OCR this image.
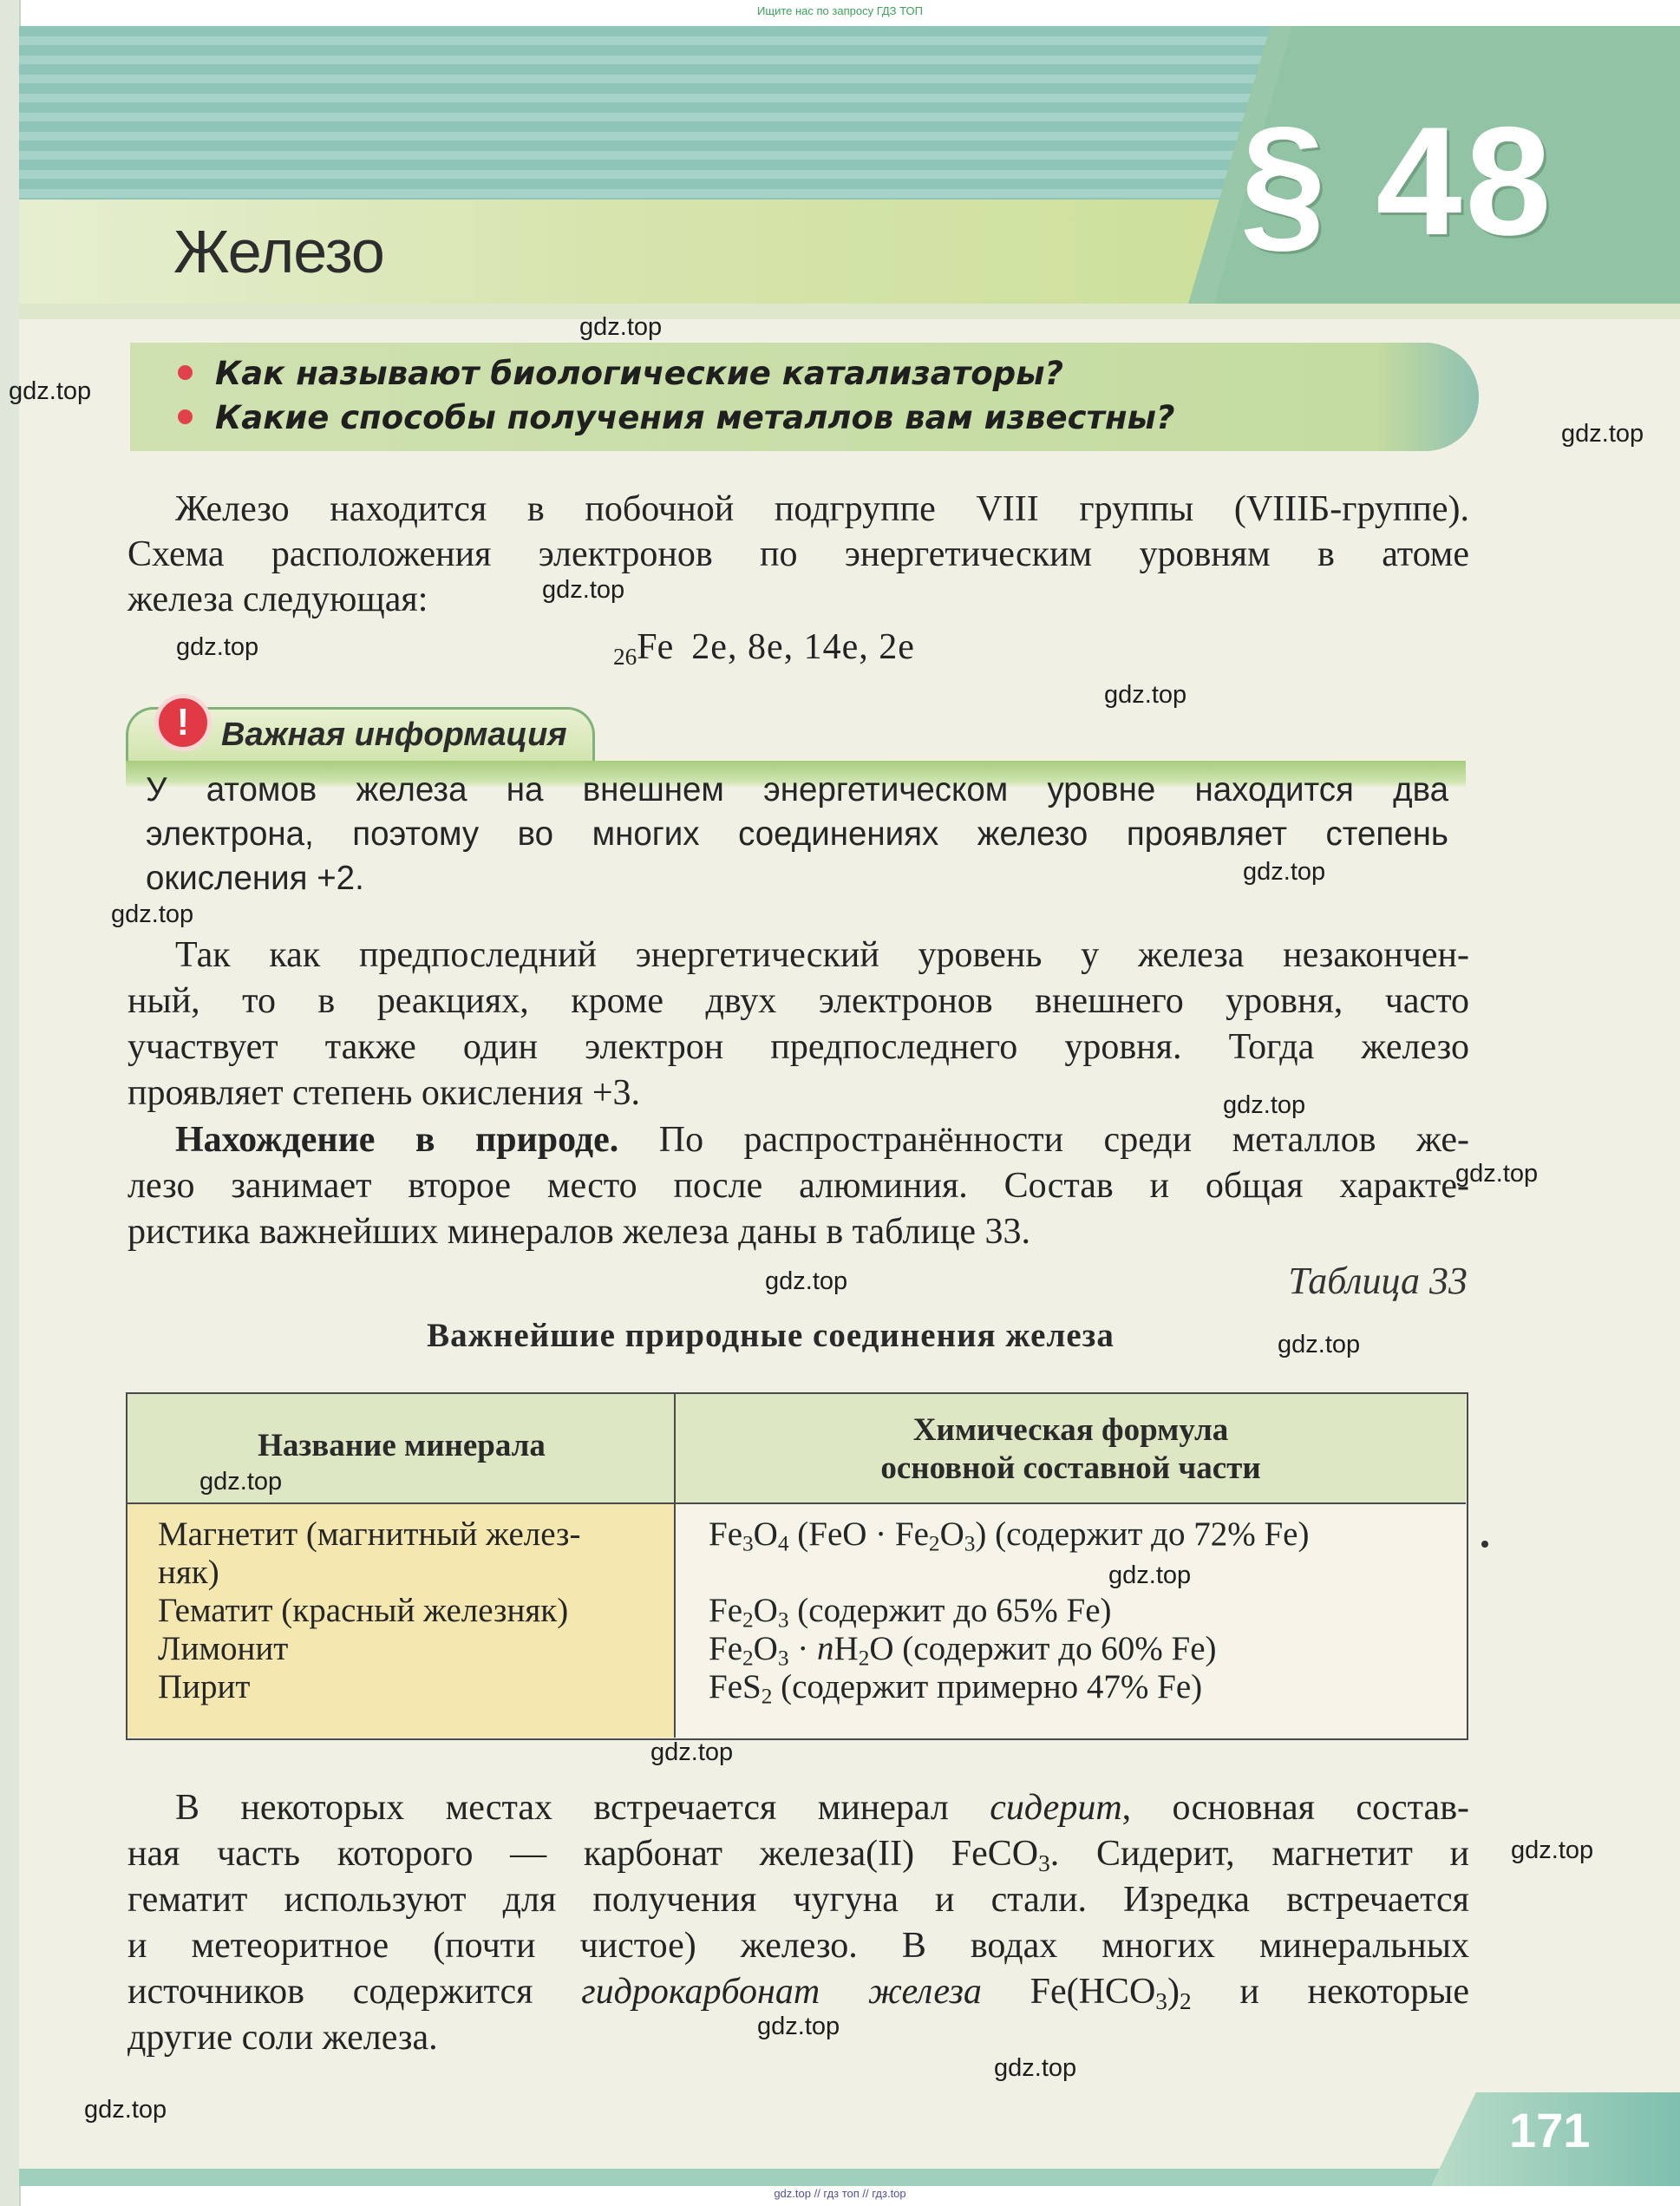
Ищите нас по запросу ГДЗ ТОП
§ 48
Железо
Как называют биологические катализаторы?
Какие способы получения металлов вам известны?
Железо находится в побочной подгруппе VIII группы (VIIIБ-группе).
Схема расположения электронов по энергетическим уровням в атоме
железа следующая:
$_{26}$Fe 2e, 8e, 14e, 2e
! Важная информация
У атомов железа на внешнем энергетическом уровне находится два
электрона, поэтому во многих соединениях железо проявляет степень
окисления +2.
Так как предпоследний энергетический уровень у железа незакончен-
ный, то в реакциях, кроме двух электронов внешнего уровня, часто
участвует также один электрон предпоследнего уровня. Тогда железо
проявляет степень окисления +3.
Нахождение в природе. По распространённости среди металлов же-
лезо занимает второе место после алюминия. Состав и общая характе-
ристика важнейших минералов железа даны в таблице 33.
Таблица 33
Важнейшие природные соединения железа
Название минерала	Химическая формула
основной составной части
Магнетит (магнитный желез-
няк)
Гематит (красный железняк)
Лимонит
Пирит
$Fe_3O_4$ $(FeO \cdot Fe_2O_3)$ (содержит до 72% Fe)
$Fe_2O_3$ (содержит до 65% Fe)
$Fe_2O_3 \cdot nH_2O$ (содержит до 60% Fe)
FeS$_2$ (содержит примерно 47% Fe)
В некоторых местах встречается минерал сидерит, основная состав-
ная часть которого — карбонат железа(II) FeCO$_3$. Сидерит, магнетит и
гематит используют для получения чугуна и стали. Изредка встречается
и метеоритное (почти чистое) железо. В водах многих минеральных
источников содержится гидрокарбонат железа $Fe(HCO_3)_2$ и некоторые
другие соли железа.
171
gdz.top // гдз топ // гдз.top
gdz.top
gdz.top
gdz.top
gdz.top
gdz.top
gdz.top
gdz.top
gdz.top
gdz.top
gdz.top
gdz.top
gdz.top
gdz.top
gdz.top
gdz.top
gdz.top
gdz.top
gdz.top
gdz.top
